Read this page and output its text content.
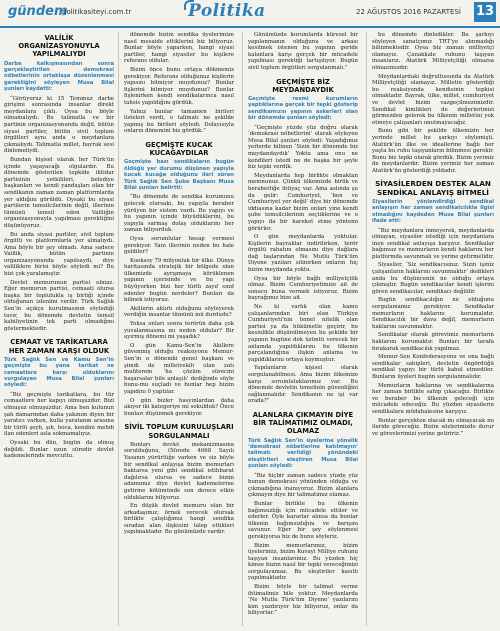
gündem
politikasiteyi.com.tr	Politika	22 AĞUSTOS 2016 PAZARTESİ 13
VALİLİK ORGANİZASYONUYLA YAPILMALIYDI
Darbe kalkışmasından sonra gerçekleştirilen demokrasi nöbetlerinin ortaklaşa düzenlenmesi gerektiğini söyleyen Musa Bilal şunları kaydetti:

“Görüyoruz ki 15 Temmuz darbe girişimi sonrasında insanlar direkt meydanlara çıktı. Oysa bu böyle olmamalıydı. Bu talimatla ve bir partinin organizasyonunda değil, bütün siyasi partiler, bütün sivil toplum örgütleri aynı anda o meydanlara çıkmalıydı. Talimatla millet, bayrak sesi dinlemeliydi.

Bundan kişisel olarak her Türk’ün içinde yaşayacağı olgulardır. Bu dönemde gösterilen tepkide iktidar partisinin yetkilileri, belediye başkanları ve kendi yandaşları olan bir sendikanın zaman zaman platformlarda yer aldığını görüldü. Oysaki bu siyasi partilerin temsilcilerinin değil, illerinin tümünü temsil eden Valiliğin organizasyonuyla yapılması gerektiğini düşünüyoruz.

Bu anda siyasi partiler, sivil toplum örgütü ve platformlarla yer almalıydı. Ama böyle bir şey olmadı. Ama sadece Valilik, bütün partinin organizasyonunda yapılsaydı, diye valiliklere birisi böyle söyledi mi? Bu bizi çok yaralamıştır.

Devlet memurunun partisi olmaz. Eğer memurun partisi, cemaati olursa başka bir toplulukla iş birliği içinde olduğunun izlenimi verilir. Türk Sağlık Sen’in açıkça kurulmasının söylediği tavır, bu dönemde devletin temsil kabiliyetinin tek parti olmadığını göstermektedir.

CEMAAT VE TARİKATLARA HER ZAMAN KARŞI OLDUK
Türk Sağlık Sen ve Kamu Sen’in geçmişte bu yana tarikat ve cemaatlere karşı olduklarını vurgulayan Musa Bilal şunları söyledi:

“Biz geçmişte tarikatlara, bu tür cemaatlere her kapıyı olmuşuzdur. Bizi olmuşuz olmuşuzdur. Ama ben kulunun şah damarından daha yakınım diyen bir yaratıcı varken, kulla yaratanın arasına bir türlü şeyh, şıh, hoca, kendini mehdi ilan edenleri asla sokmamalıyız.

Oysaki bu dün, bugün da olmuş değildi. Bunlar uzun süredir devlet kademelerinde mevcuttu.

dönemde bizim sendika üyelerimize nasıl mesaide ettiklerini biz biliyoruz. Bunlar böyle yaparken, hangi siyasi partiler, hangi siyasiler bu kişilere referans oldular.

Bizim önce bunu ortaya dökmemiz gerekiyor. Referans olduğunuz kişilerin yapısını bilmiyor muydunuz? Bunlar fişlerini bilmiyor muydunuz? Bunlar fişlenirken kendi sendikalarınca nasıl tahsis yapıldığını gördük.

Yalnız bunlar tamamen birileri listeleri verdi, o talimatı ne şekilde yapmış bu birileri söyledi. Dolayısıyla onların dönemini biz gördük.”

GEÇMİŞTE KUCAK KUCAĞAYDILAR
Geçmişte bazı sendikaların bugün öldüğü yer durumu düşünen yapıyla kucak kucağa olduğunu ileri süren Türk Sağlık Sen Şube Başkanı Musa Bilal şunları belirtti:

“Bu dönemde de sendika kurumunu gelecek olursaki, bu yapıyla beraber yürüyen bir sistem vardı. Bu yapıyı ve bu yapının içinde büyüdüklerini, bu yapıyla sarmaş dolaş olduklarını her zaman biliyorduk.

Oysa sorumlular hesap vermesi gerekiyor. Yani illerinin neden bu hale geldiler?

Kooksoy 79 milyonluk bir ülke. Dünya haritasında stratejik bir bölgede olan ülkemizde ayrışmaya körüklenen yapının içerisinde ve bu yapı büyüyorken bizi her türlü zayıf sınıf edenler bugün nerdeler? Bunları da bilmek istiyoruz.

Akillerin aklırlı olduğunu söyleyerek verdiğin insanlar tümünü mü durdudu?

Yoksa onları sonra terörün daha çok yuvalanmasına mı neden oldular? Bir ayırmış dönemi mi yaşadık?

O gün Kamu-Sen’in Akillere güvenmiş olduğu reaksiyonu Memur-Sen’in o dönemki genel başkanı ve şimdi de milletvekili olan zatı muhterem ‘ha çözüm sürecini başarsalar bile anlaşılı’ dediğinde söyle bunu-mu suçladı ve bunlar hep bizim yapıdını 0 yaptılar.

O gün bizler hasyınlardan daha akıyor iki kategoriye mi sokulduk? Önce bunları düşünmek gerekiyor.

SİVİL TOPLUM KURULUŞLARI SORGULANMALI

Bunları devlet mekanizmasına sorulduğunu, (Sürede 4668 Sayılı Yasanın yürürlüğe varken ve siz böyle bir sendikal anlayışa bizim memurları baktarsa yeni gibi sendikal istihbarat dağılırsa olursa ve sadece bizim adamımız diye devlet kademelerine getirme kötümünde son derece etkin olduklarını biliyoruz.

En düşük devlet memuru olan bir arkadaşımız; örnek verecek olursak birlikte çalıştığımız hangi sendika sıradan alan ilişkisini talep ettikleri yapılmaktadır. Bu günümüzde vardır.

Günümüzde kurumlarda küresel bir yapılanmanın olduğunu ve arkası kesilmek istenen bu yapının geride kalanlara karşı gerçek bir mücadele yapılması gerektiği tartışılıyor. Bugün sivil toplum örgütleri sorgulanmalı.”

GEÇMİŞTE BİZ MEYDANDAYDIK
Geçmişte resmi kurumların yaptıklarına gerçek bir tepki gösterip sendikamızın yapının askerleri olan bir dönemde şunları söyledi:

“Geçmişte yüzde yüz doğru olarak ‘demokrasi nöbetlerini’ olarak söyleyen Musa Bilal şunları söyledi: Yaşadığımız yerlerde bilinen ‘Sizin bir dönemde biz meydandaydık’ Yoktu ama onu ne kendileri istedi ne de başka bir şeyle biz tepki verdik.

Meydanlarda hep birlikte olmaktan memnunuz. Çünkü ülkemizde birlik ve beraberliğe ihtiyaç var. Ama aslında şu da gelir: Cumhuriyet, ‘ben ve Cumhuriyet yer değil’ diye bir dönemde iddiasına kadar bizim onları yine kendi şube temsilcilerinin seçtiklerine ve o yapıyı da bir hareket etme yöntemi görürler.

O gün meydanlarda yoktular. Kişilerin bayraklar indirilirken, terör örgütü rahatını olmasını diye dağlara dağ taşlarından Ne Mutlu Türk’üm Diyene yazıları silinirken onların hiç bizim meydanda yoktu.

Oysa bir böyle bağlı milliyetçilik olmaz. Bizim Cumhuriyetimize ait de sonucu buna vermek istiyoruz. Bizim bayrağımız bize ait.

Ne ki varlık olan kamu çalışanlarından biri olan Türkiye Cumhuriyeti’nin temel nitelik olan partisi ya da hükümetle geçirir, bu kesinlikle düşünülmeyen bu şekilde bir yapının bugüne dek üzüntü verecek bir anlamda yapıldıklarını bu ülkenin parçalandığına ilişkin anlama ve yapıldıklarını ortaya koymuştur.

Yapılanların kişisel olarak sorgulanabilmesi. Ama bizim ülkemize karşı sorumluluklarımız var. Bu dönemde devletin temelinin güvenliğini sağlanmalıdır. Sendikanın ne işi var orada?”

ALANLARA ÇIKMAYIN DİYE BİR TALİMATIMIZ OLMADI, OLAMAZ
Türk Sağlık Sen’in üyelerine yönelik ‘demokrasi nöbetlerine katılmayın’ talimatı verildiği yönündeki eleştirileri eleştiren Musa Bilal şunları söyledi:

“Biz hiçbir zaman sadece yüzde yüz bunun demokrasi yönünden olduğu ve çıkmadığına inanıyoruz. Bizim alanlara çıkmayın diye bir talimatımız olamaz.

Bunlar birlikte bu ülkenin bağımsızlığı için mücadele ettiler ve ederler. Öyle kararlar alınsa da bunlar ülkenin bağımsızlığını ve barışını savunur. Eğer bir şey söylenmesi gerekiyorsa biz de bunu söyleriz.

Bizim memurlarımız, bizim üyelerimiz, bizim Kuvayi Milliye ruhunu taşıyan insanlarımız. Bu yüzden hiç kimse bizim nasıl bir tepki vereceğimizi sorgulayamaz. Bu eleştiriler kasıtlı yapılmaktadır.

Bizim böyle bir talimat verme ihtimalimiz bile yoktur. Meydanlarda ‘Ne Mutlu Türk’üm Diyene’ yazılarını kim yazdırıyor biz biliyoruz, onlar da biliyorlar.”

bu dönemde dinledikler. Bu şarkıyı söyleyen sanatçımız TRT’ye alınmadığı bilinmektedir. Oysa biz zaman milliyetçi olamayız. Çanakkale ruhunu taşıyan insanlarız. Atatürk Milliyetçiliği olmazsa olmazımızdır.

Meydanlardaki doğrultusunda da Atatürk Milliyetçiliği olamayız. Milletin gösterdiği bu reaksiyonda kendisinin tepkisi olmaktadır. Bayrak, ülke, millet, cumhuriyet ve devlet bizim vazgeçilmezimizdir. Sendikal kimlikleri de değerlerimizi görmezden gelerek bu ülkenin milletini yok etmeye çalışanları unutmayacağız.

Bunu gibi bir şekilde ülkemizin her yerinde millet bu şarkıyı söylemişti. Atatürk’ün ilke ve ideallerine bağlı her yaşta bu ruhu taşıyanların bilinmesi gerekir. Bunu biz tepki olarak gördük. Bizim yerimiz de meydanlardır. Bizim yerimiz her zaman Atatürk’ün gösterdiği yoldadır.

SİYASİLERDEN DESTEK ALAN SENDİKAL ANLAYIŞ BİTMELİ
Siyasilerin yönlendirdiği sendikal anlayışın her zaman sendikalcılıkla ilgisi olmadığını kaydeden Musa Bilal şunları ifade etti:

“Biz meydanlara inmeyerek, meydanlarda olmayan, siyasiler istediği için meydanlara inen sendikal anlayışa karşıyız. Sendikalar bağımsız ve memurların kendi haklarını her platformda savunmalı ve yerine getirmelidir.

Siyasiler, ‘Siz sendikacısınız. Sizin işiniz çalışanların haklarını savunmaktır’ dedikleri anda bu düşüncenin ne olduğu ortaya çıkmıştır. Bugün sendikacılar kendi işlerini gören sendikacılar, sendikacı değildir.

Bugün sendikacılığın ne olduğunu sorgulamamız gerekiyor. Sendikalar memurların haklarını korumalıdır. Sendikacılık bir dava değil, memurların haklarını savunmaktır.

Sendikalar olarak görevimiz memurların haklarını korumaktır. Bunları bir tarafa bırakarak sendikacılık yapılmaz.

Memur-Sen Konfederasyonu ve ona bağlı sendikalar sahipleri, devletin öngördüğü sendikal yapıyı bir türlü kabul etmediler. Bunların üyeleri bugün sorgulanmalıdır.

Memurların haklarına ve sendikalarına her zaman birlikte sahip çıkacağız. Birlikte ve beraber bu ülkenin geleceği için mücadele edeceğiz. Bu yüzden siyasilerin sendikalara müdahalesine karşıyız.

Bunlar gerçekten olacak mı olmayacak mı ileride göreceğiz. Bizim sözlerimizde durur ve görevlerimizi yerine getiririz.”
